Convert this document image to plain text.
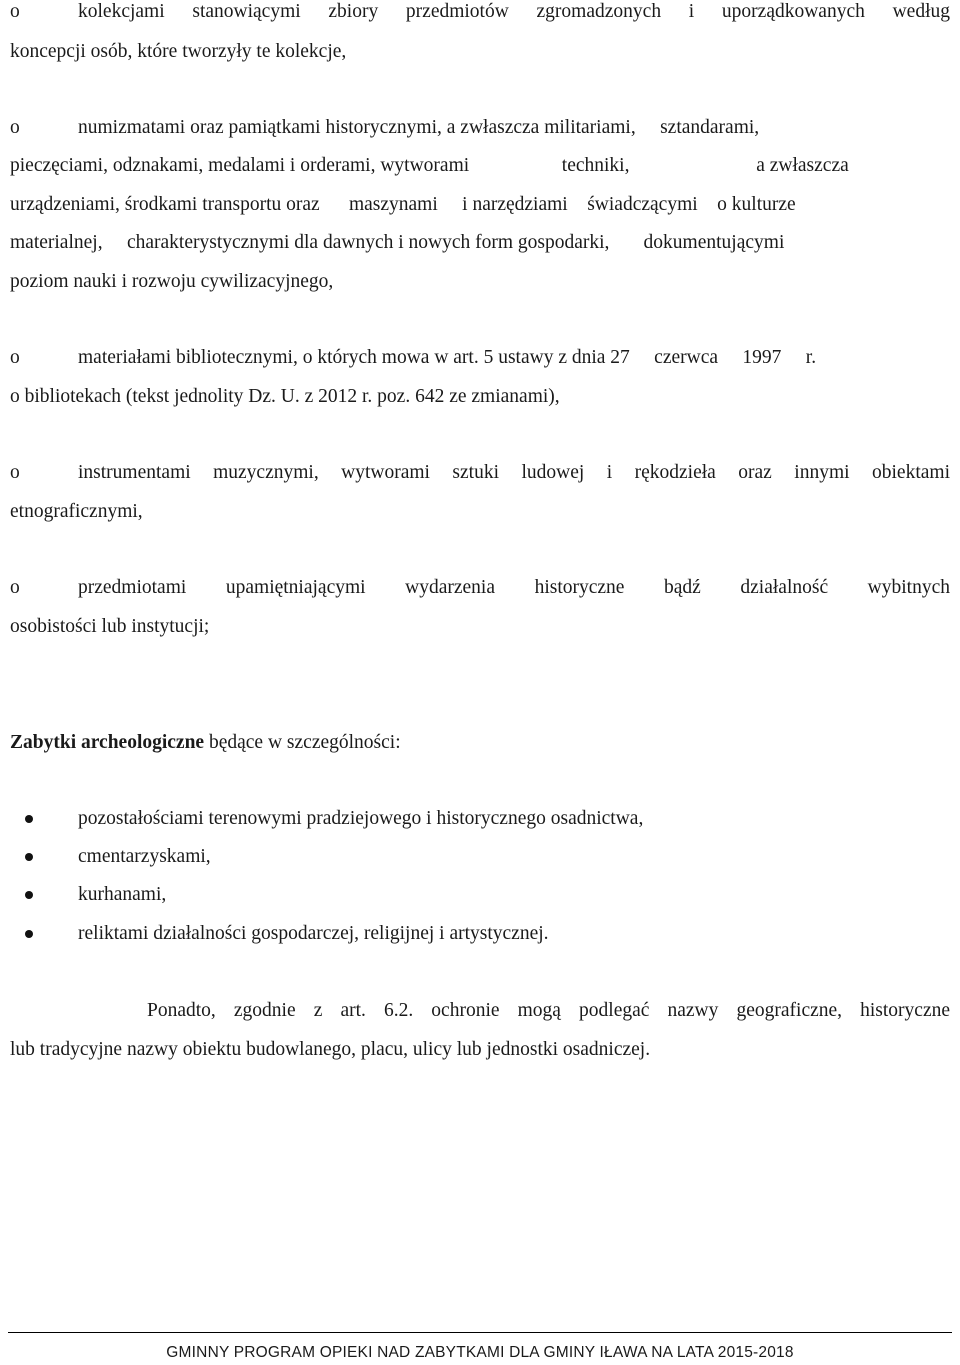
o	kolekcjami stanowiącymi zbiory przedmiotów zgromadzonych i uporządkowanych według
koncepcji osób, które tworzyły te kolekcje,
o	numizmatami oraz pamiątkami historycznymi, a zwłaszcza militariami,     sztandarami,
pieczęciami, odznakami, medalami i orderami, wytworami                   techniki,                          a zwłaszcza
urządzeniami, środkami transportu oraz      maszynami     i narzędziami    świadczącymi    o kulturze
materialnej,     charakterystycznymi dla dawnych i nowych form gospodarki,       dokumentującymi
poziom nauki i rozwoju cywilizacyjnego,
o	materiałami bibliotecznymi, o których mowa w art. 5 ustawy z dnia 27     czerwca     1997     r.
o bibliotekach (tekst jednolity Dz. U. z 2012 r. poz. 642 ze zmianami),
o	instrumentami muzycznymi, wytworami sztuki ludowej i rękodzieła oraz innymi obiektami
etnograficznymi,
o	przedmiotami upamiętniającymi wydarzenia historyczne bądź działalność wybitnych
osobistości lub instytucji;
Zabytki archeologiczne będące w szczególności:
pozostałościami terenowymi pradziejowego i historycznego osadnictwa,
cmentarzyskami,
kurhanami,
reliktami działalności gospodarczej, religijnej i artystycznej.
Ponadto, zgodnie z art. 6.2. ochronie mogą podlegać nazwy geograficzne, historyczne
lub tradycyjne nazwy obiektu budowlanego, placu, ulicy lub jednostki osadniczej.
GMINNY PROGRAM OPIEKI NAD ZABYTKAMI DLA GMINY IŁAWA NA LATA 2015-2018
